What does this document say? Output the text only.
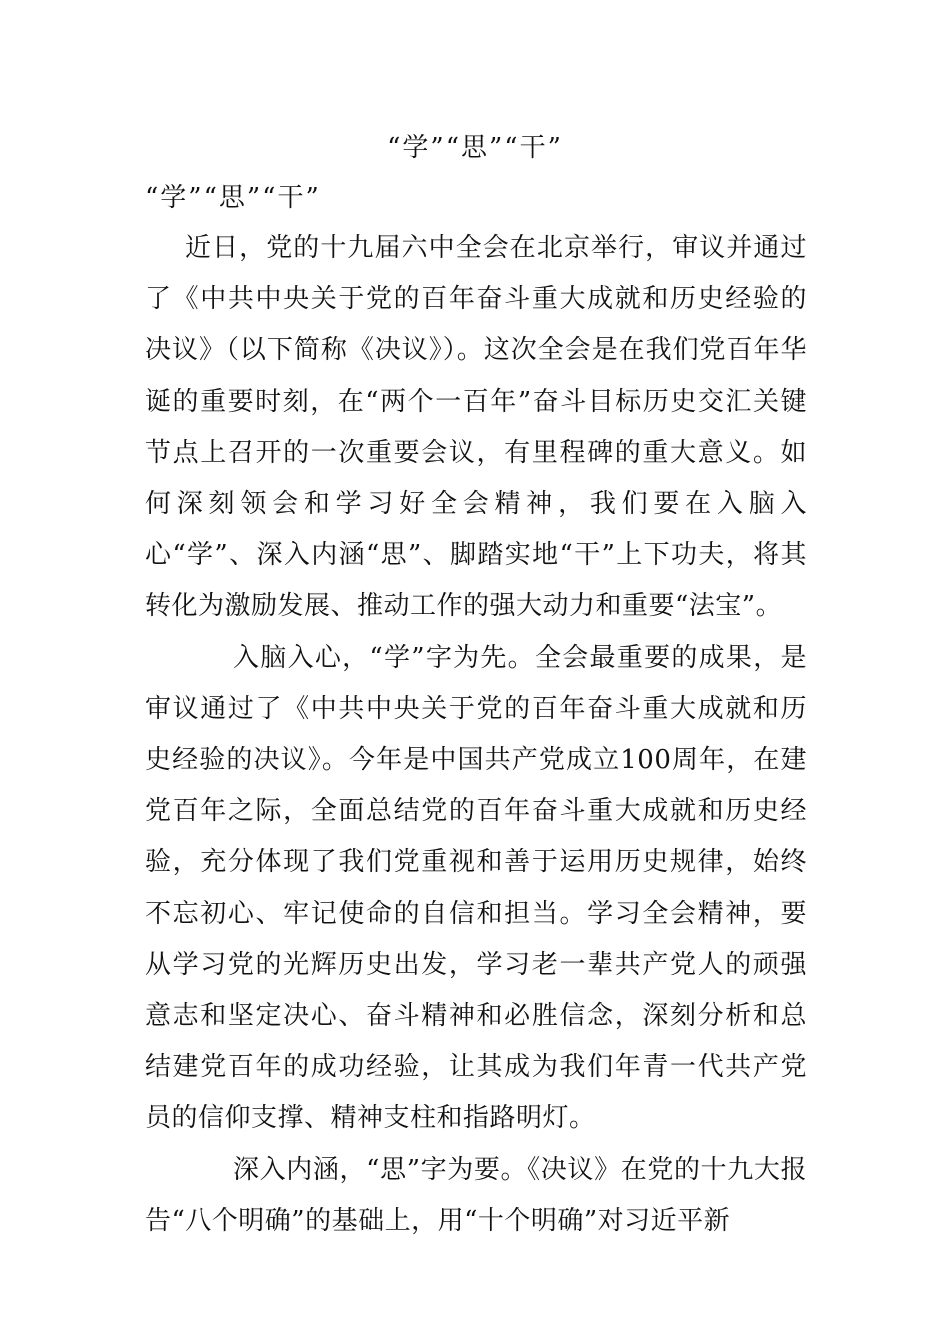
“学”“思”“干”
“学”“思”“干”

近日，党的十九届六中全会在北京举行，审议并通过了《中共中央关于党的百年奋斗重大成就和历史经验的决议》（以下简称《决议》）。这次全会是在我们党百年华诞的重要时刻，在“两个一百年”奋斗目标历史交汇关键节点上召开的一次重要会议，有里程碑的重大意义。如何深刻领会和学习好全会精神，我们要在入脑入心“学”、深入内涵“思”、脚踏实地“干”上下功夫，将其转化为激励发展、推动工作的强大动力和重要“法宝”。

入脑入心，“学”字为先。全会最重要的成果，是审议通过了《中共中央关于党的百年奋斗重大成就和历史经验的决议》。今年是中国共产党成立100周年，在建党百年之际，全面总结党的百年奋斗重大成就和历史经验，充分体现了我们党重视和善于运用历史规律，始终不忘初心、牢记使命的自信和担当。学习全会精神，要从学习党的光辉历史出发，学习老一辈共产党人的顽强意志和坚定决心、奋斗精神和必胜信念，深刻分析和总结建党百年的成功经验，让其成为我们年青一代共产党员的信仰支撑、精神支柱和指路明灯。

深入内涵，“思”字为要。《决议》在党的十九大报告“八个明确”的基础上，用“十个明确”对习近平新
